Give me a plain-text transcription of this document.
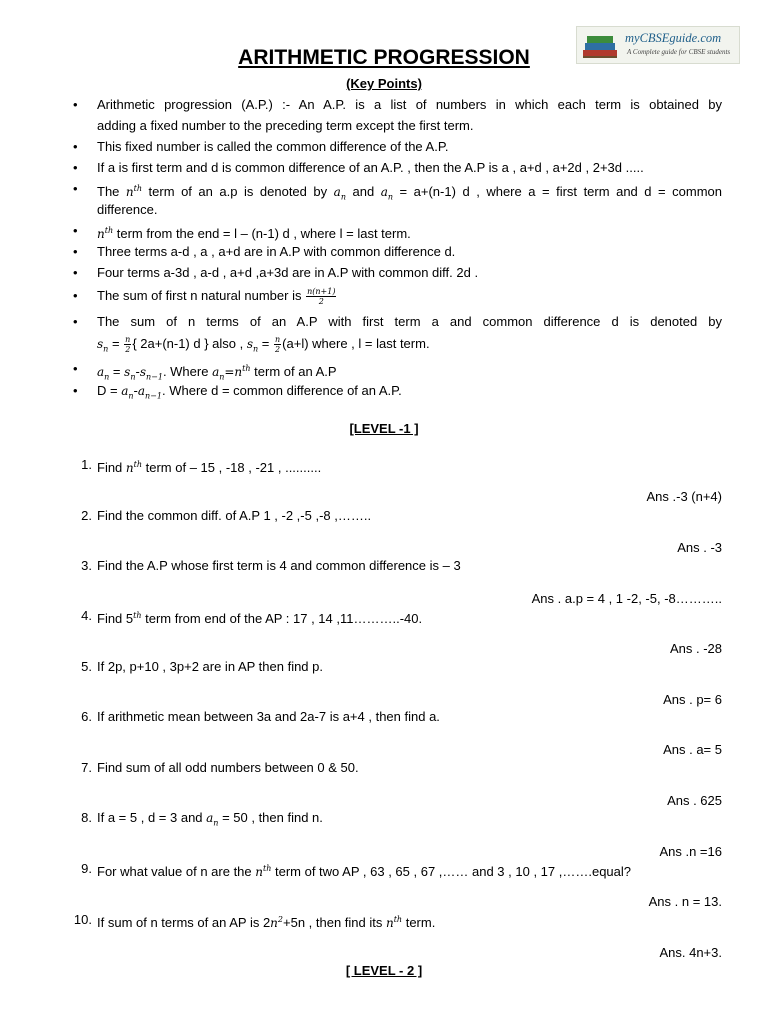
myCBSEguide.com
A Complete guide for CBSE students
ARITHMETIC PROGRESSION
(Key Points)
• Arithmetic progression (A.P.) :- An A.P. is a list of numbers in which each term is obtained by
adding a fixed number to the preceding term except the first term.
• This fixed number is called the common difference of the A.P.
• If a is first term and d is common difference of an A.P. , then the A.P is a , a+d , a+2d , 2+3d .....
• The $n^{th}$ term of an a.p is denoted by $a_n$ and $a_n = a+(n-1)$ d , where a = first term and d = common
difference.
• $n^{th}$ term from the end = l – (n-1) d , where l = last term.
• Three terms a-d , a , a+d are in A.P with common difference d.
• Four terms a-3d , a-d , a+d ,a+3d are in A.P with common diff. 2d .
• The sum of first n natural number is $\frac{n(n+1)}{2}$
• The sum of n terms of an A.P with first term a and common difference d is denoted by
$s_n = \frac{n}{2}$ { 2a+(n-1) d } also , $s_n = \frac{n}{2} (a+l)$ where , l = last term.
• $a_n = s_n-s_{n-1}$. Where $a_n=n^{th}$ term of an A.P
• $D = a_n-a_{n-1}$. Where d = common difference of an A.P.
[LEVEL -1 ]
1. Find $n^{th}$ term of – 15 , -18 , -21 , ..........
Ans .-3 (n+4)
2. Find the common diff. of A.P 1 , -2 ,-5 ,-8 ,……..
Ans . -3
3. Find the A.P whose first term is 4 and common difference is – 3
Ans . a.p = 4 , 1 -2, -5, -8………..
4. Find 5th term from end of the AP : 17 , 14 ,11………..-40.
Ans . -28
5. If 2p, p+10 , 3p+2 are in AP then find p.
Ans . p= 6
6. If arithmetic mean between 3a and 2a-7 is a+4 , then find a.
Ans . a= 5
7. Find sum of all odd numbers between 0 & 50.
Ans . 625
8. If a = 5 , d = 3 and $a_n = 50$ , then find n.
Ans .n =16
9. For what value of n are the $n^{th}$ term of two AP , 63 , 65 , 67 ,…… and 3 , 10 , 17 ,…….equal?
Ans . n = 13.
10. If sum of n terms of an AP is $2n^2+5n$ , then find its $n^{th}$ term.
Ans. 4n+3.
[ LEVEL - 2 ]
